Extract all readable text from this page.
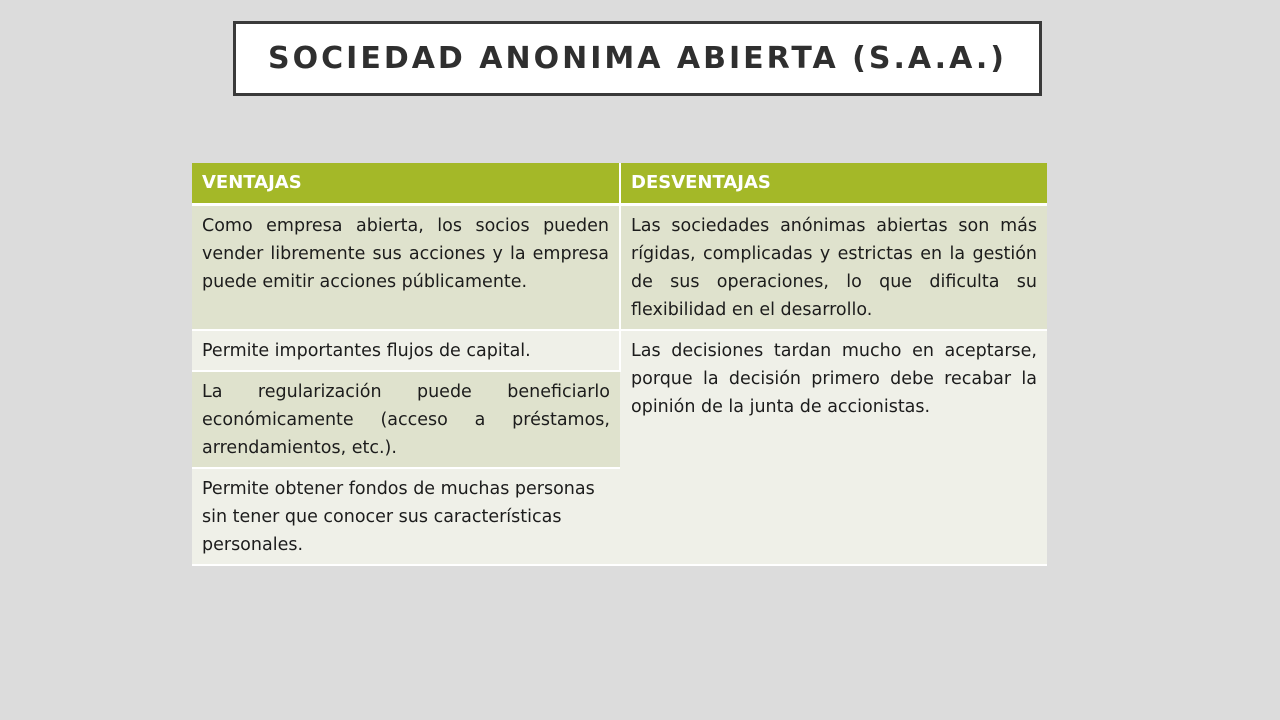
SOCIEDAD ANONIMA ABIERTA (S.A.A.)
VENTAJAS	DESVENTAJAS
Como empresa abierta, los socios pueden vender libremente sus acciones y la empresa puede emitir acciones públicamente.	Las sociedades anónimas abiertas son más rígidas, complicadas y estrictas en la gestión de sus operaciones, lo que dificulta su flexibilidad en el desarrollo.
Permite importantes flujos de capital.	Las decisiones tardan mucho en aceptarse, porque la decisión primero debe recabar la opinión de la junta de accionistas.
La regularización puede beneficiarlo económicamente (acceso a préstamos, arrendamientos, etc.).	
Permite obtener fondos de muchas personas sin tener que conocer sus características personales.	
